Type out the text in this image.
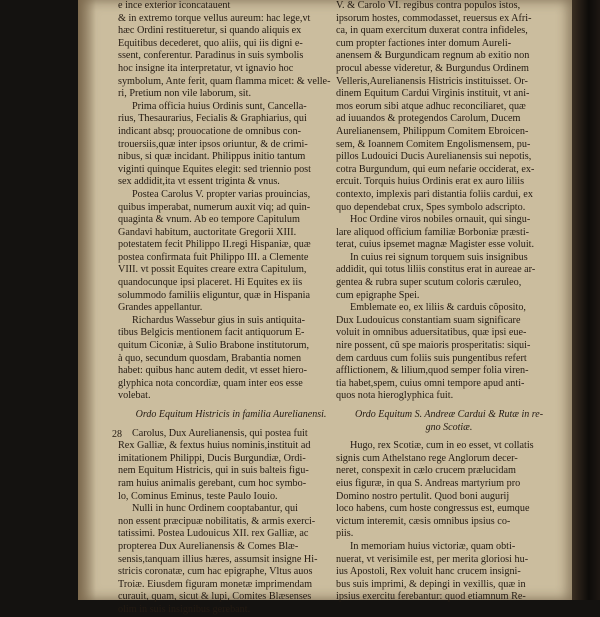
e ince exterior iconcatauent
& in extremo torque vellus aureum: hac lege,vt
hæc Ordini restitueretur, si quando aliquis ex
Equitibus decederet, quo aliis, qui iis digni e-
ssent, conferentur. Paradinus in suis symbolis
hoc insigne ita interpretatur, vt ignavio hoc
symbolum, Ante ferit, quam flamma micet: & velle-
ri, Pretium non vile laborum, sit.
Prima officia huius Ordinis sunt, Cancella-
rius, Thesaurarius, Fecialis & Graphiarius, qui
indicant absq; prouocatione de omnibus con-
trouersiis,quæ inter ipsos oriuntur, & de crimi-
nibus, si quæ incidant. Philippus initio tantum
viginti quinque Equites elegit: sed triennio post
sex addidit,ita vt essent triginta & vnus.
Postea Carolus V. propter varias prouincias,
quibus imperabat, numerum auxit viq; ad quin-
quaginta & vnum. Ab eo tempore Capitulum
Gandavi habitum, auctoritate Gregorii XIII.
potestatem fecit Philippo II.regi Hispaniæ, quæ
postea confirmata fuit Philippo III. a Clemente
VIII. vt possit Equites creare extra Capitulum,
quandocunque ipsi placeret. Hi Equites ex iis
solummodo familiis eliguntur, quæ in Hispania
Grandes appellantur.
Richardus Wassebur gius in suis antiquita-
tibus Belgicis mentionem facit antiquorum E-
quitum Ciconiæ, à Sulio Brabone institutorum,
à quo, secundum quosdam, Brabantia nomen
habet: quibus hanc autem dedit, vt esset hiero-
glyphica nota concordiæ, quam inter eos esse
volebat.
Ordo Equitum Histricis in familia Aurelianensi.
Carolus, Dux Aurelianensis, qui postea fuit
Rex Galliæ, & fextus huius nominis,instituit ad
imitationem Philippi, Ducis Burgundiæ, Ordi-
nem Equitum Histricis, qui in suis balteis figu-
ram huius animalis gerebant, cum hoc symbo-
lo, Cominus Eminus, teste Paulo Iouio.
Nulli in hunc Ordinem cooptabantur, qui
non essent præcipuæ nobilitatis, & armis exerci-
tatissimi. Postea Ludouicus XII. rex Galliæ, ac
propterea Dux Aurelianensis & Comes Blæ-
sensis,tanquam illius hæres, assumsit insigne Hi-
stricis coronatæ, cum hac epigraphe, Vltus auos
Troiæ. Eiusdem figuram monetæ imprimendam
curauit, quam, sicut & lupi, Comites Blæsenses
olim in suis insignibus gerebant.
28
V. & Carolo VI. regibus contra populos istos,
ipsorum hostes, commodasset, reuersus ex Afri-
ca, in quam exercitum duxerat contra infideles,
cum propter factiones inter domum Aureli-
anensem & Burgundicam regnum ab exitio non
procul abesse videretur, & Burgundus Ordinem
Velleris,Aurelianensis Histricis instituisset. Or-
dinem Equitum Cardui Virginis instituit, vt ani-
mos eorum sibi atque adhuc reconciliaret, quæ
ad iuuandos & protegendos Carolum, Ducem
Aurelianensem, Philippum Comitem Ebroicen-
sem, & Ioannem Comitem Engolismensem, pu-
pillos Ludouici Ducis Aurelianensis sui nepotis,
cotra Burgundum, qui eum nefarie occiderat, ex-
ercuit. Torquis huius Ordinis erat ex auro liliis
contexto, implexis pari distantia foliis cardui, ex
quo dependebat crux, Spes symbolo adscripto.
Hoc Ordine viros nobiles ornauit, qui singu-
lare aliquod officium familiæ Borboniæ præsti-
terat, cuius ipsemet magnæ Magister esse voluit.
In cuius rei signum torquem suis insignibus
addidit, qui totus liliis constitus erat in aureae ar-
gentea & rubra super scutum coloris cæruleo,
cum epigraphe Spei.
Emblemate eo, ex liliis & carduis cõposito,
Dux Ludouicus constantiam suam significare
voluit in omnibus aduersitatibus, quæ ipsi eue-
nire possent, cũ spe maioris prosperitatis: siqui-
dem carduus cum foliis suis pungentibus refert
afflictionem, & lilium,quod semper folia viren-
tia habet,spem, cuius omni tempore apud anti-
quos nota hieroglyphica fuit.
Ordo Equitum S. Andreæ Cardui & Rutæ in re-
gno Scotiæ.
Hugo, rex Scotiæ, cum in eo esset, vt collatis
signis cum Athelstano rege Anglorum decer-
neret, conspexit in cælo crucem prælucidam
eius figuræ, in qua S. Andreas martyrium pro
Domino nostro pertulit. Quod boni augurij
loco habens, cum hoste congressus est, eumque
victum interemit, cæsis omnibus ipsius co-
piis.
In memoriam huius victoriæ, quam obti-
nuerat, vt verisimile est, per merita gloriosi hu-
ius Apostoli, Rex voluit hanc crucem insigni-
bus suis imprimi, & depingi in vexillis, quæ in
ipsius exercitu ferebantur: quod etiamnum Re-
